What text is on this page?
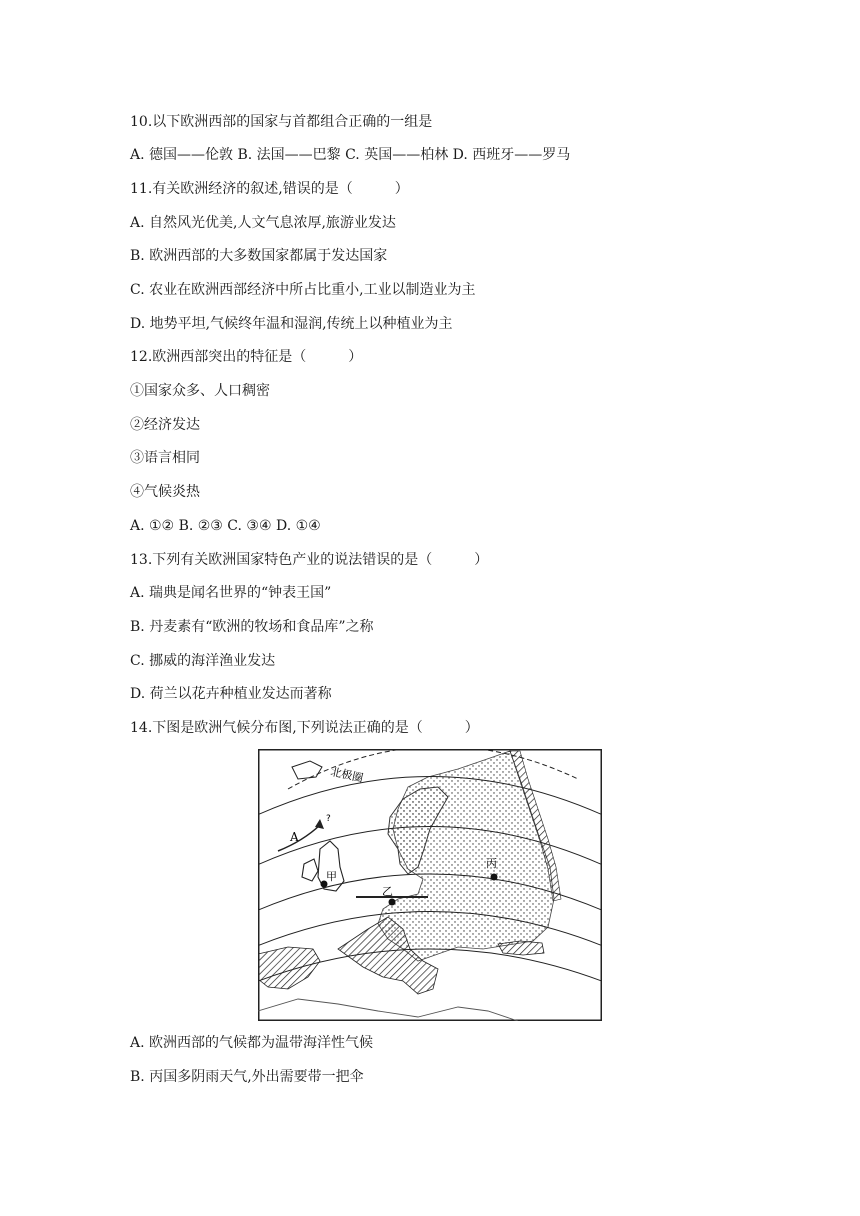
10.以下欧洲西部的国家与首都组合正确的一组是
A. 德国——伦敦 B. 法国——巴黎 C. 英国——柏林 D. 西班牙——罗马
11.有关欧洲经济的叙述,错误的是（　　　）
A. 自然风光优美,人文气息浓厚,旅游业发达
B. 欧洲西部的大多数国家都属于发达国家
C. 农业在欧洲西部经济中所占比重小,工业以制造业为主
D. 地势平坦,气候终年温和湿润,传统上以种植业为主
12.欧洲西部突出的特征是（　　　）
①国家众多、人口稠密
②经济发达
③语言相同
④气候炎热
A. ①② B. ②③ C. ③④ D. ①④
13.下列有关欧洲国家特色产业的说法错误的是（　　　）
A. 瑞典是闻名世界的“钟表王国”
B. 丹麦素有“欧洲的牧场和食品库”之称
C. 挪威的海洋渔业发达
D. 荷兰以花卉种植业发达而著称
14.下图是欧洲气候分布图,下列说法正确的是（　　　）
北极圈
A
?
甲
乙
丙
A. 欧洲西部的气候都为温带海洋性气候
B. 丙国多阴雨天气,外出需要带一把伞
